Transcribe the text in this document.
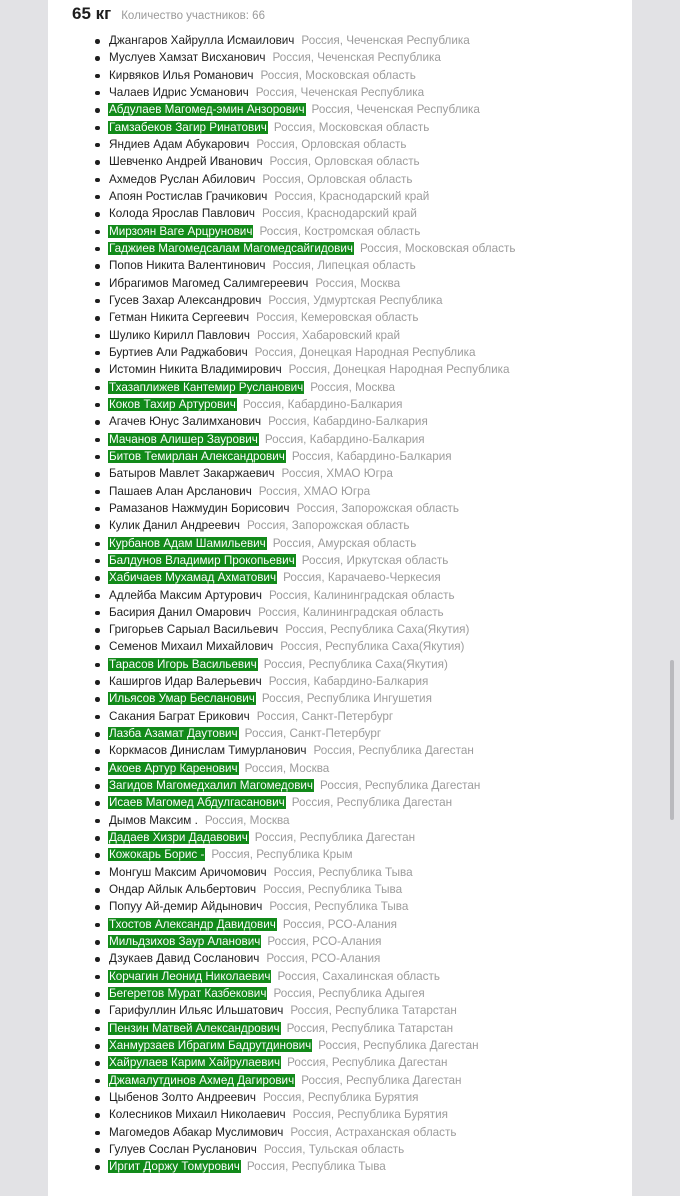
65 кг Количество участников: 66
Джангаров Хайрулла Исмаилович Россия, Чеченская Республика
Муслуев Хамзат Висханович Россия, Чеченская Республика
Кирвяков Илья Романович Россия, Московская область
Чалаев Идрис Усманович Россия, Чеченская Республика
Абдулаев Магомед-эмин Анзорович Россия, Чеченская Республика
Гамзабеков Загир Ринатович Россия, Московская область
Яндиев Адам Абукарович Россия, Орловская область
Шевченко Андрей Иванович Россия, Орловская область
Ахмедов Руслан Абилович Россия, Орловская область
Апоян Ростислав Грачикович Россия, Краснодарский край
Колода Ярослав Павлович Россия, Краснодарский край
Мирзоян Ваге Арцрунович Россия, Костромская область
Гаджиев Магомедсалам Магомедсайгидович Россия, Московская область
Попов Никита Валентинович Россия, Липецкая область
Ибрагимов Магомед Салимгереевич Россия, Москва
Гусев Захар Александрович Россия, Удмуртская Республика
Гетман Никита Сергеевич Россия, Кемеровская область
Шулико Кирилл Павлович Россия, Хабаровский край
Буртиев Али Раджабович Россия, Донецкая Народная Республика
Истомин Никита Владимирович Россия, Донецкая Народная Республика
Тхазаплижев Кантемир Русланович Россия, Москва
Коков Тахир Артурович Россия, Кабардино-Балкария
Агачев Юнус Залимханович Россия, Кабардино-Балкария
Мачанов Алишер Заурович Россия, Кабардино-Балкария
Битов Темирлан Александрович Россия, Кабардино-Балкария
Батыров Мавлет Закаржаевич Россия, ХМАО Югра
Пашаев Алан Арсланович Россия, ХМАО Югра
Рамазанов Нажмудин Борисович Россия, Запорожская область
Кулик Данил Андреевич Россия, Запорожская область
Курбанов Адам Шамильевич Россия, Амурская область
Балдунов Владимир Прокопьевич Россия, Иркутская область
Хабичаев Мухамад Ахматович Россия, Карачаево-Черкесия
Адлейба Максим Артурович Россия, Калининградская область
Басирия Данил Омарович Россия, Калининградская область
Григорьев Сарыал Васильевич Россия, Республика Саха(Якутия)
Семенов Михаил Михайлович Россия, Республика Саха(Якутия)
Тарасов Игорь Васильевич Россия, Республика Саха(Якутия)
Каширгов Идар Валерьевич Россия, Кабардино-Балкария
Ильясов Умар Бесланович Россия, Республика Ингушетия
Сакания Баграт Ерикович Россия, Санкт-Петербург
Лазба Азамат Даутович Россия, Санкт-Петербург
Коркмасов Динислам Тимурланович Россия, Республика Дагестан
Акоев Артур Каренович Россия, Москва
Загидов Магомедхалил Магомедович Россия, Республика Дагестан
Исаев Магомед Абдулгасанович Россия, Республика Дагестан
Дымов Максим . Россия, Москва
Дадаев Хизри Дадавович Россия, Республика Дагестан
Кожокарь Борис - Россия, Республика Крым
Монгуш Максим Аричомович Россия, Республика Тыва
Ондар Айлык Альбертович Россия, Республика Тыва
Попуу Ай-демир Айдынович Россия, Республика Тыва
Тхостов Александр Давидович Россия, РСО-Алания
Мильдзихов Заур Аланович Россия, РСО-Алания
Дзукаев Давид Сосланович Россия, РСО-Алания
Корчагин Леонид Николаевич Россия, Сахалинская область
Бегеретов Мурат Казбекович Россия, Республика Адыгея
Гарифуллин Ильяс Ильшатович Россия, Республика Татарстан
Пензин Матвей Александрович Россия, Республика Татарстан
Ханмурзаев Ибрагим Бадрутдинович Россия, Республика Дагестан
Хайрулаев Карим Хайрулаевич Россия, Республика Дагестан
Джамалутдинов Ахмед Дагирович Россия, Республика Дагестан
Цыбенов Золто Андреевич Россия, Республика Бурятия
Колесников Михаил Николаевич Россия, Республика Бурятия
Магомедов Абакар Муслимович Россия, Астраханская область
Гулуев Сослан Русланович Россия, Тульская область
Иргит Доржу Томурович Россия, Республика Тыва
